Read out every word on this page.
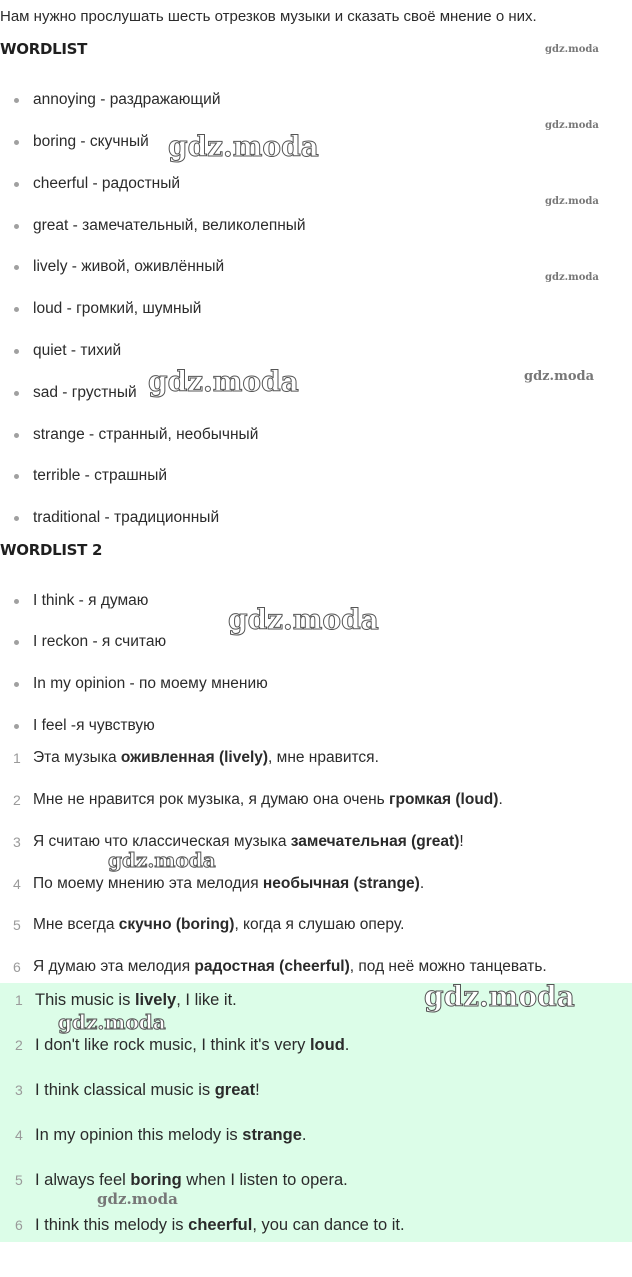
Нам нужно прослушать шесть отрезков музыки и сказать своё мнение о них.
WORDLIST
annoying - раздражающий
boring - скучный
cheerful - радостный
great - замечательный, великолепный
lively - живой, оживлённый
loud - громкий, шумный
quiet - тихий
sad - грустный
strange - странный, необычный
terrible - страшный
traditional - традиционный
WORDLIST 2
I think - я думаю
I reckon - я считаю
In my opinion - по моему мнению
I feel -я чувствую
1 Эта музыка оживленная (lively), мне нравится.
2 Мне не нравится рок музыка, я думаю она очень громкая (loud).
3 Я считаю что классическая музыка замечательная (great)!
4 По моему мнению эта мелодия необычная (strange).
5 Мне всегда скучно (boring), когда я слушаю оперу.
6 Я думаю эта мелодия радостная (cheerful), под неё можно танцевать.
1 This music is lively, I like it.
2 I don't like rock music, I think it's very loud.
3 I think classical music is great!
4 In my opinion this melody is strange.
5 I always feel boring when I listen to opera.
6 I think this melody is cheerful, you can dance to it.
gdz.moda
gdz.moda
gdz.moda
gdz.moda
gdz.moda
gdz.moda
gdz.moda
gdz.moda
gdz.moda
gdz.moda
gdz.moda
gdz.moda
